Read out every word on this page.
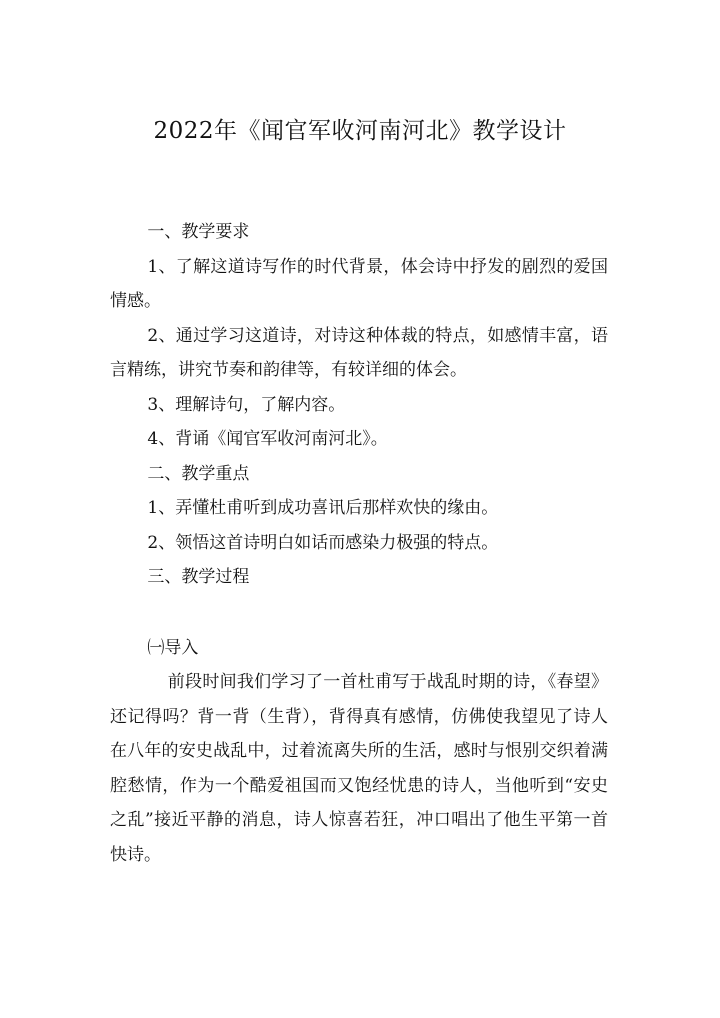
2022年《闻官军收河南河北》教学设计

一、教学要求

1、了解这道诗写作的时代背景，体会诗中抒发的剧烈的爱国情感。

2、通过学习这道诗，对诗这种体裁的特点，如感情丰富，语言精练，讲究节奏和韵律等，有较详细的体会。

3、理解诗句，了解内容。

4、背诵《闻官军收河南河北》。

二、教学重点

1、弄懂杜甫听到成功喜讯后那样欢快的缘由。

2、领悟这首诗明白如话而感染力极强的特点。

三、教学过程

㈠导入

前段时间我们学习了一首杜甫写于战乱时期的诗，《春望》还记得吗？背一背（生背），背得真有感情，仿佛使我望见了诗人在八年的安史战乱中，过着流离失所的生活，感时与恨别交织着满腔愁情，作为一个酷爱祖国而又饱经忧患的诗人，当他听到“安史之乱”接近平静的消息，诗人惊喜若狂，冲口唱出了他生平第一首快诗。
